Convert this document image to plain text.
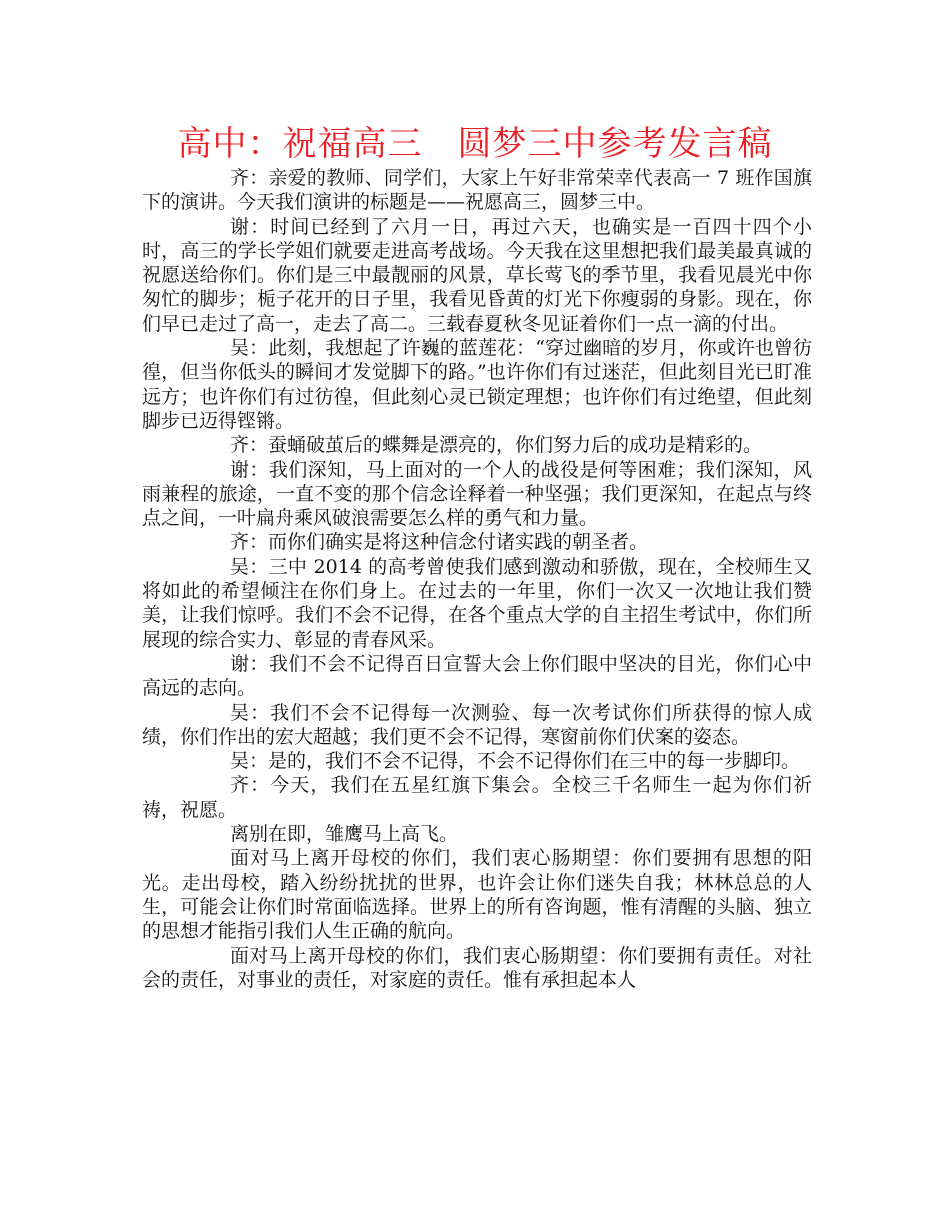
高中：祝福高三　圆梦三中参考发言稿

齐：亲爱的教师、同学们，大家上午好非常荣幸代表高一 7 班作国旗下的演讲。今天我们演讲的标题是——祝愿高三，圆梦三中。

谢：时间已经到了六月一日，再过六天，也确实是一百四十四个小时，高三的学长学姐们就要走进高考战场。今天我在这里想把我们最美最真诚的祝愿送给你们。你们是三中最靓丽的风景，草长莺飞的季节里，我看见晨光中你匆忙的脚步；栀子花开的日子里，我看见昏黄的灯光下你瘦弱的身影。现在，你们早已走过了高一，走去了高二。三载春夏秋冬见证着你们一点一滴的付出。

吴：此刻，我想起了许巍的蓝莲花：“穿过幽暗的岁月，你或许也曾彷徨，但当你低头的瞬间才发觉脚下的路。”也许你们有过迷茫，但此刻目光已盯准远方；也许你们有过彷徨，但此刻心灵已锁定理想；也许你们有过绝望，但此刻脚步已迈得铿锵。

齐：蚕蛹破茧后的蝶舞是漂亮的，你们努力后的成功是精彩的。

谢：我们深知，马上面对的一个人的战役是何等困难；我们深知，风雨兼程的旅途，一直不变的那个信念诠释着一种坚强；我们更深知，在起点与终点之间，一叶扁舟乘风破浪需要怎么样的勇气和力量。

齐：而你们确实是将这种信念付诸实践的朝圣者。

吴：三中 2014 的高考曾使我们感到激动和骄傲，现在，全校师生又将如此的希望倾注在你们身上。在过去的一年里，你们一次又一次地让我们赞美，让我们惊呼。我们不会不记得，在各个重点大学的自主招生考试中，你们所展现的综合实力、彰显的青春风采。

谢：我们不会不记得百日宣誓大会上你们眼中坚决的目光，你们心中高远的志向。

吴：我们不会不记得每一次测验、每一次考试你们所获得的惊人成绩，你们作出的宏大超越；我们更不会不记得，寒窗前你们伏案的姿态。

吴：是的，我们不会不记得，不会不记得你们在三中的每一步脚印。

齐：今天，我们在五星红旗下集会。全校三千名师生一起为你们祈祷，祝愿。

离别在即，雏鹰马上高飞。

面对马上离开母校的你们，我们衷心肠期望：你们要拥有思想的阳光。走出母校，踏入纷纷扰扰的世界，也许会让你们迷失自我；林林总总的人生，可能会让你们时常面临选择。世界上的所有咨询题，惟有清醒的头脑、独立的思想才能指引我们人生正确的航向。

面对马上离开母校的你们，我们衷心肠期望：你们要拥有责任。对社会的责任，对事业的责任，对家庭的责任。惟有承担起本人
